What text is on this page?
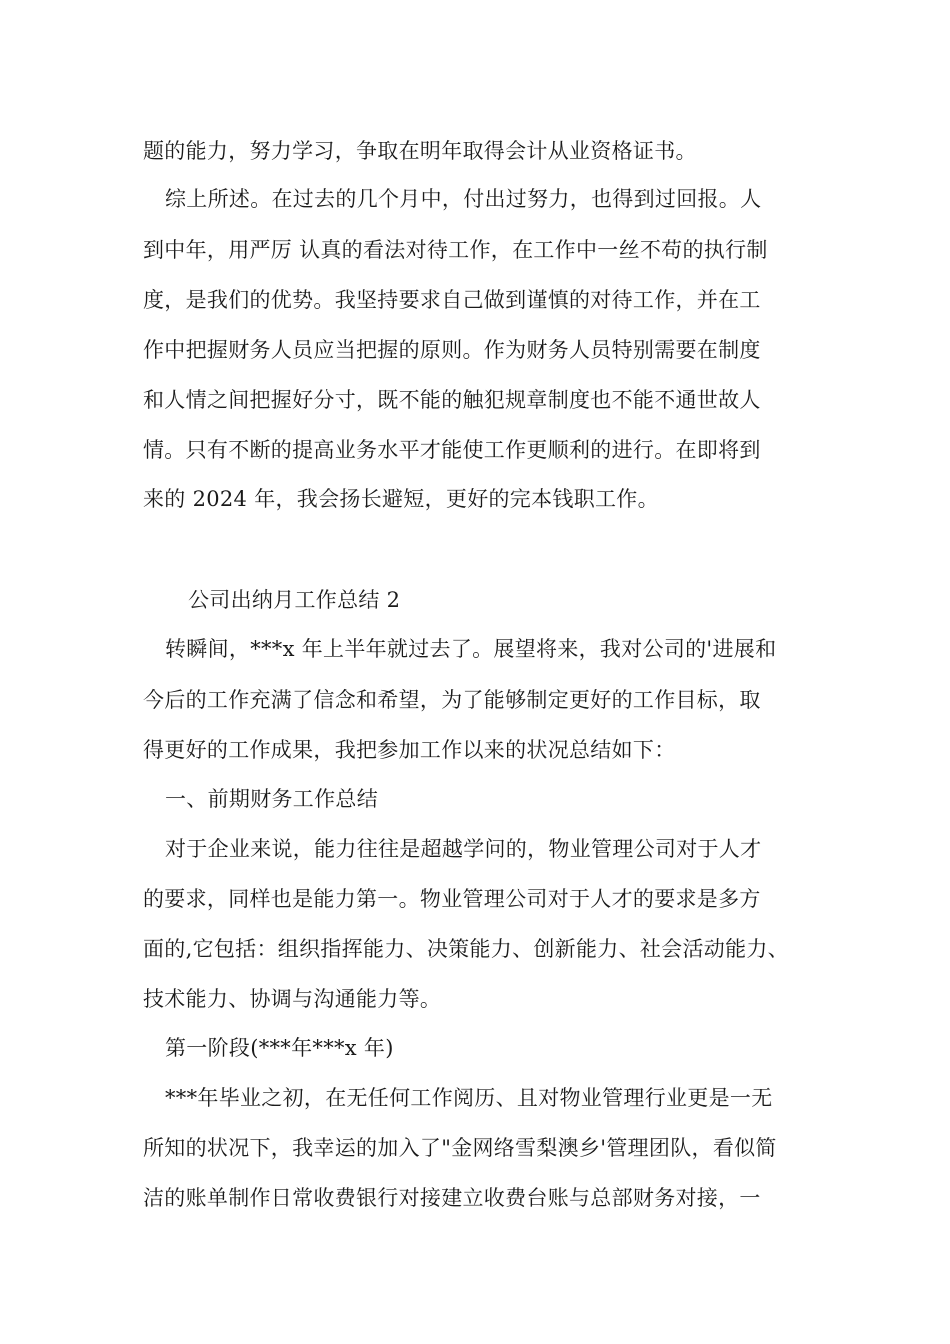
题的能力，努力学习，争取在明年取得会计从业资格证书。
综上所述。在过去的几个月中，付出过努力，也得到过回报。人
到中年，用严厉 认真的看法对待工作，在工作中一丝不苟的执行制
度，是我们的优势。我坚持要求自己做到谨慎的对待工作，并在工
作中把握财务人员应当把握的原则。作为财务人员特别需要在制度
和人情之间把握好分寸，既不能的触犯规章制度也不能不通世故人
情。只有不断的提高业务水平才能使工作更顺利的进行。在即将到
来的 2024 年，我会扬长避短，更好的完本钱职工作。
公司出纳月工作总结 2
转瞬间，***x 年上半年就过去了。展望将来，我对公司的'进展和
今后的工作充满了信念和希望，为了能够制定更好的工作目标，取
得更好的工作成果，我把参加工作以来的状况总结如下：
一、前期财务工作总结
对于企业来说，能力往往是超越学问的，物业管理公司对于人才
的要求，同样也是能力第一。物业管理公司对于人才的要求是多方
面的,它包括：组织指挥能力、决策能力、创新能力、社会活动能力、
技术能力、协调与沟通能力等。
第一阶段(***年***x 年)
***年毕业之初，在无任何工作阅历、且对物业管理行业更是一无
所知的状况下，我幸运的加入了"金网络雪梨澳乡'管理团队，看似简
洁的账单制作日常收费银行对接建立收费台账与总部财务对接，一
